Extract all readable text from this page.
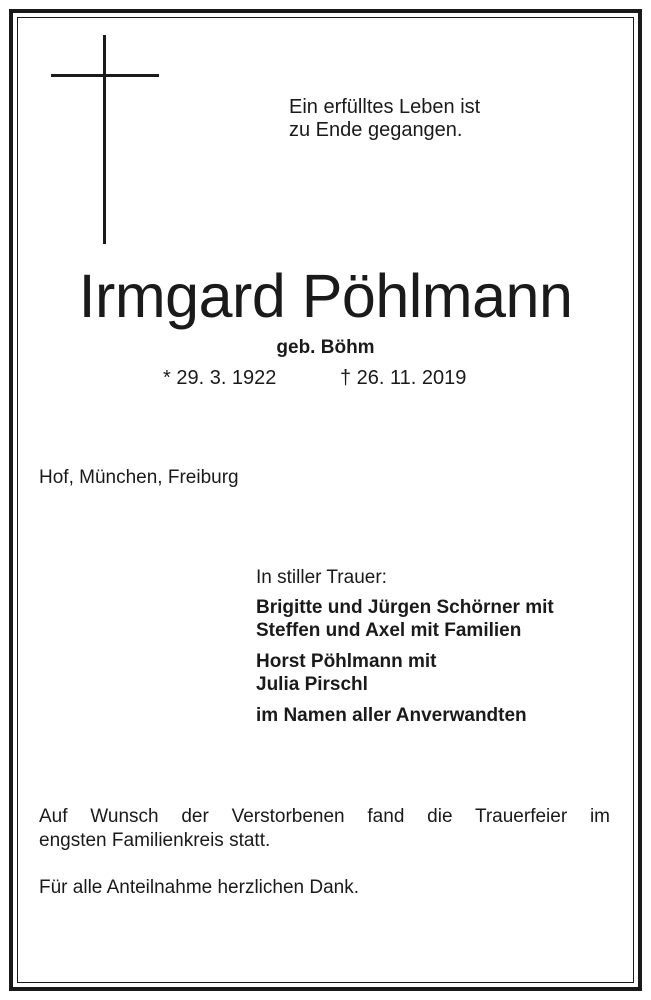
Ein erfülltes Leben ist
zu Ende gegangen.
Irmgard Pöhlmann
geb. Böhm
* 29. 3. 1922	† 26. 11. 2019
Hof, München, Freiburg
In stiller Trauer:
Brigitte und Jürgen Schörner mit
Steffen und Axel mit Familien
Horst Pöhlmann mit
Julia Pirschl
im Namen aller Anverwandten
Auf Wunsch der Verstorbenen fand die Trauerfeier im
engsten Familienkreis statt.
Für alle Anteilnahme herzlichen Dank.
